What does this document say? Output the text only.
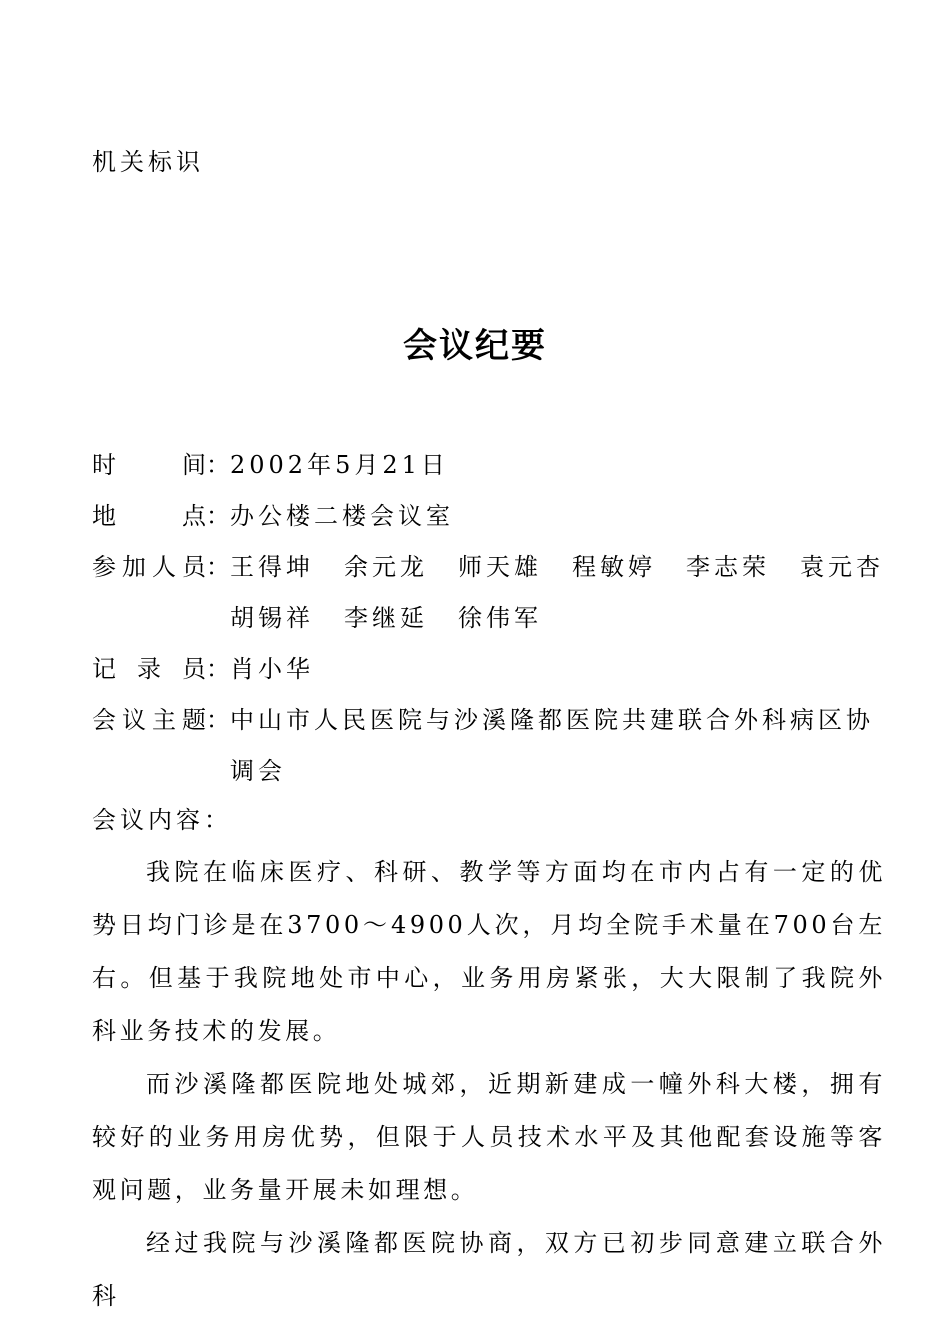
机关标识
会议纪要
时	间： 2002年5月21日
地	点： 办公楼二楼会议室
参 加 人 员： 王得坤 余元龙 师天雄 程敏婷 李志荣 袁元杏
胡锡祥 李继延 徐伟军
记 录 员： 肖小华
会 议 主 题： 中山市人民医院与沙溪隆都医院共建联合外科病区协调会
会议内容：

我院在临床医疗、科研、教学等方面均在市内占有一定的优势日均门诊是在3700～4900人次，月均全院手术量在700台左右。但基于我院地处市中心，业务用房紧张，大大限制了我院外科业务技术的发展。

而沙溪隆都医院地处城郊，近期新建成一幢外科大楼，拥有较好的业务用房优势，但限于人员技术水平及其他配套设施等客观问题，业务量开展未如理想。

经过我院与沙溪隆都医院协商，双方已初步同意建立联合外科
